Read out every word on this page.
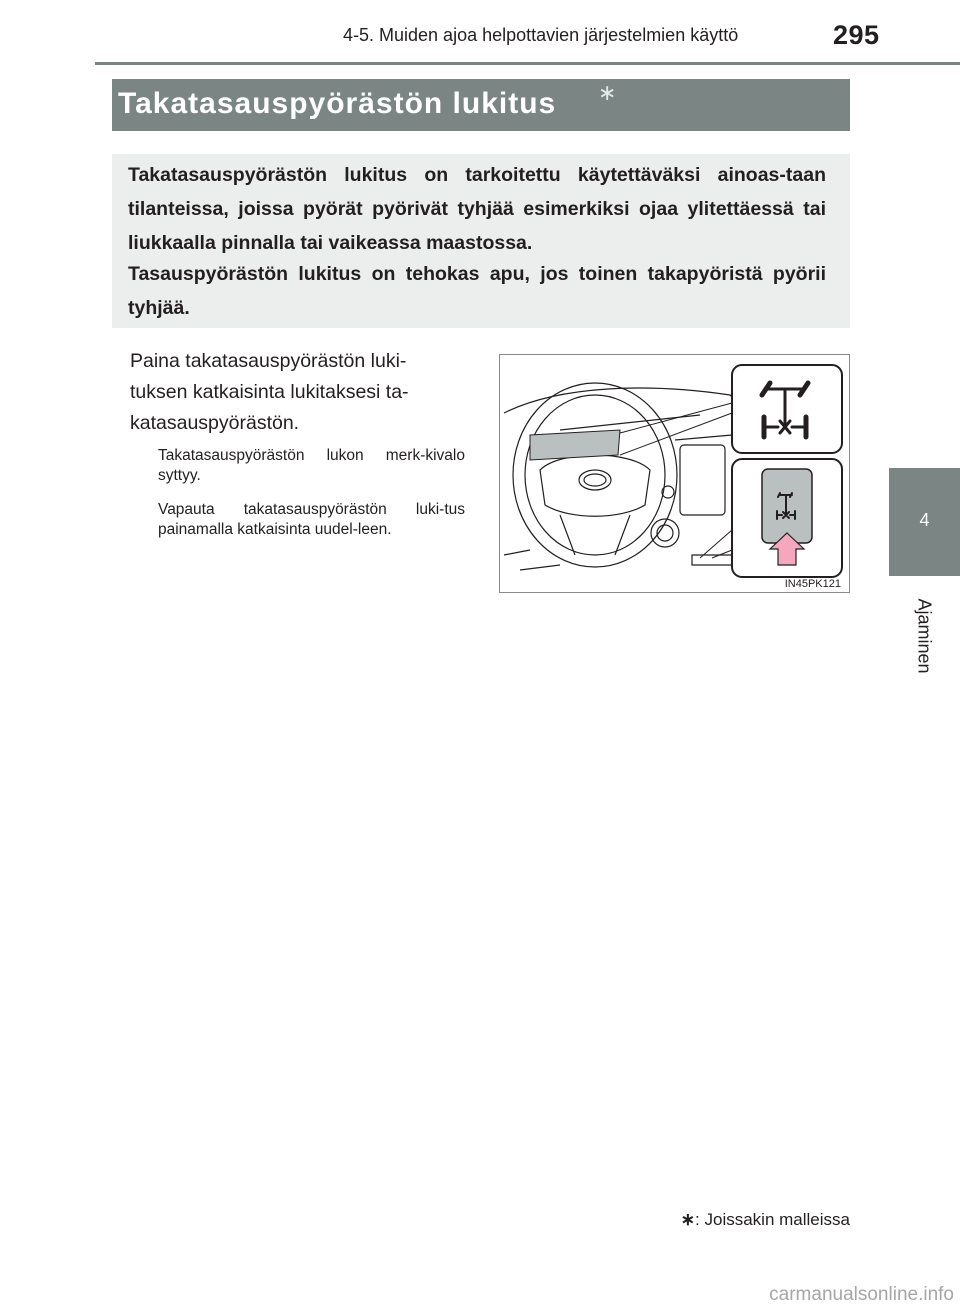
4-5. Muiden ajoa helpottavien järjestelmien käyttö	295
4
Ajaminen
Takatasauspyörästön lukitus ∗

Takatasauspyörästön lukitus on tarkoitettu käytettäväksi ainoas-taan tilanteissa, joissa pyörät pyörivät tyhjää esimerkiksi ojaa ylitettäessä tai liukkaalla pinnalla tai vaikeassa maastossa.

Tasauspyörästön lukitus on tehokas apu, jos toinen takapyöristä pyörii tyhjää.

Paina takatasauspyörästön luki-
tuksen katkaisinta lukitaksesi ta-
katasauspyörästön.
Takatasauspyörästön lukon merk-kivalo syttyy.
Vapauta takatasauspyörästön luki-tus painamalla katkaisinta uudel-leen.
IN45PK121
∗: Joissakin malleissa
carmanualsonline.info
